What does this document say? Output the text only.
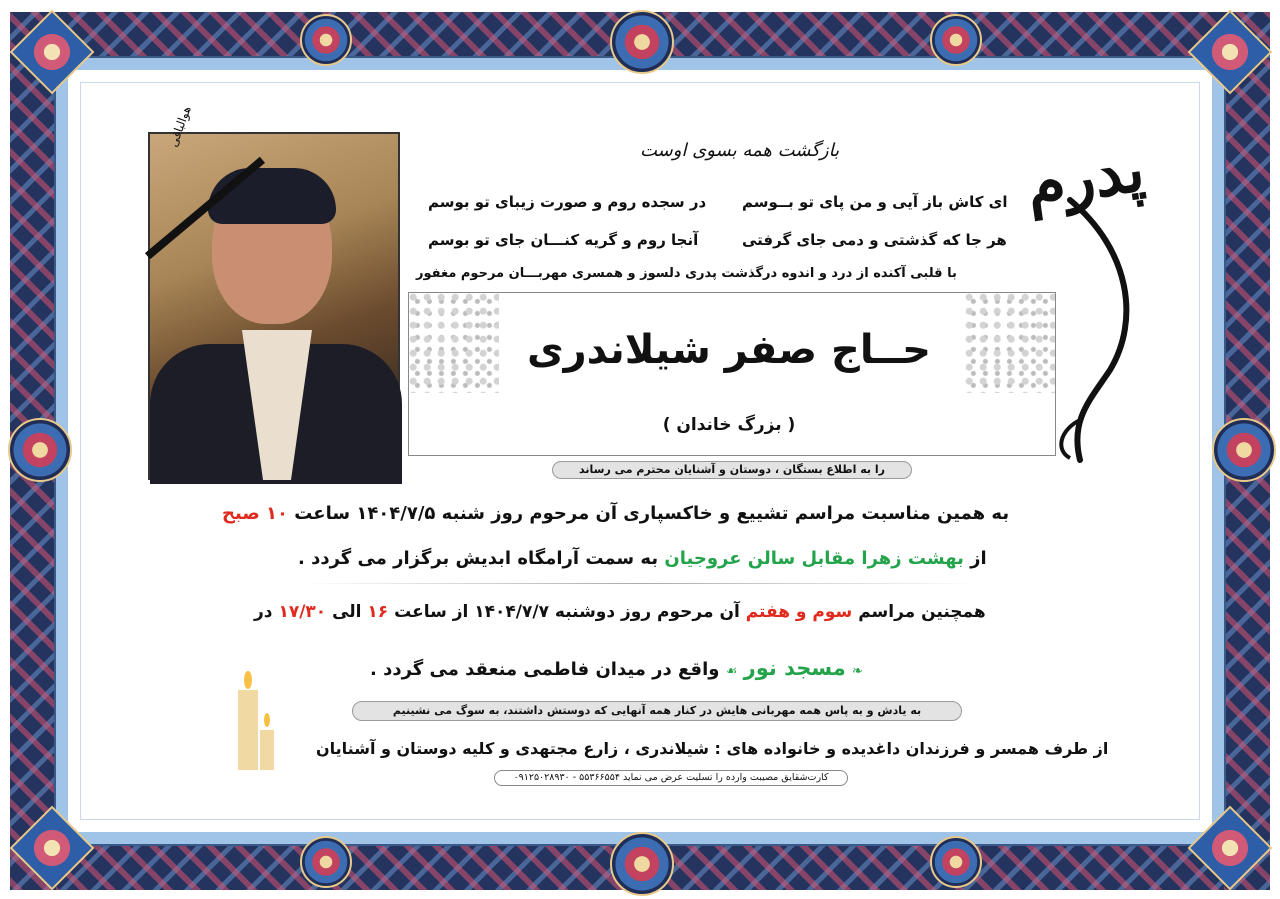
هوالباقی
بازگشت همه بسوی اوست	پدرم
ای کاش باز آیی و من پای تو بــوسم
در سجده روم و صورت زیبای تو بوسم
هر جا که گذشتی و دمی جای گرفتی
آنجا روم و گریه کنـــان جای تو بوسم
با قلبی آکنده از درد و اندوه درگذشت پدری دلسوز و همسری مهربـــان مرحوم مغفور
حــاج صفر شیلاندری
( بزرگ خاندان )
را به اطلاع بستگان ، دوستان و آشنایان محترم می رساند
به همین مناسبت مراسم تشییع و خاکسپاری آن مرحوم روز شنبه ۱۴۰۴/۷/۵ ساعت ۱۰ صبح
از بهشت زهرا مقابل سالن عروجیان به سمت آرامگاه ابدیش برگزار می گردد .
همچنین مراسم سوم و هفتم آن مرحوم روز دوشنبه ۱۴۰۴/۷/۷ از ساعت ۱۶ الی ۱۷/۳۰ در
❧ مسجد نور ☙ واقع در میدان فاطمی منعقد می گردد .
به یادش و به پاس همه مهربانی هایش در کنار همه آنهایی که دوستش داشتند، به سوگ می نشینیم
از طرف همسر و فرزندان داغدیده و خانواده های : شیلاندری ، زارع مجتهدی و کلیه دوستان و آشنایان
کارت‌شقایق مصیبت وارده را تسلیت عرض می نماید ۵۵۳۶۶۵۵۴ - ۰۹۱۲۵۰۲۸۹۳۰
